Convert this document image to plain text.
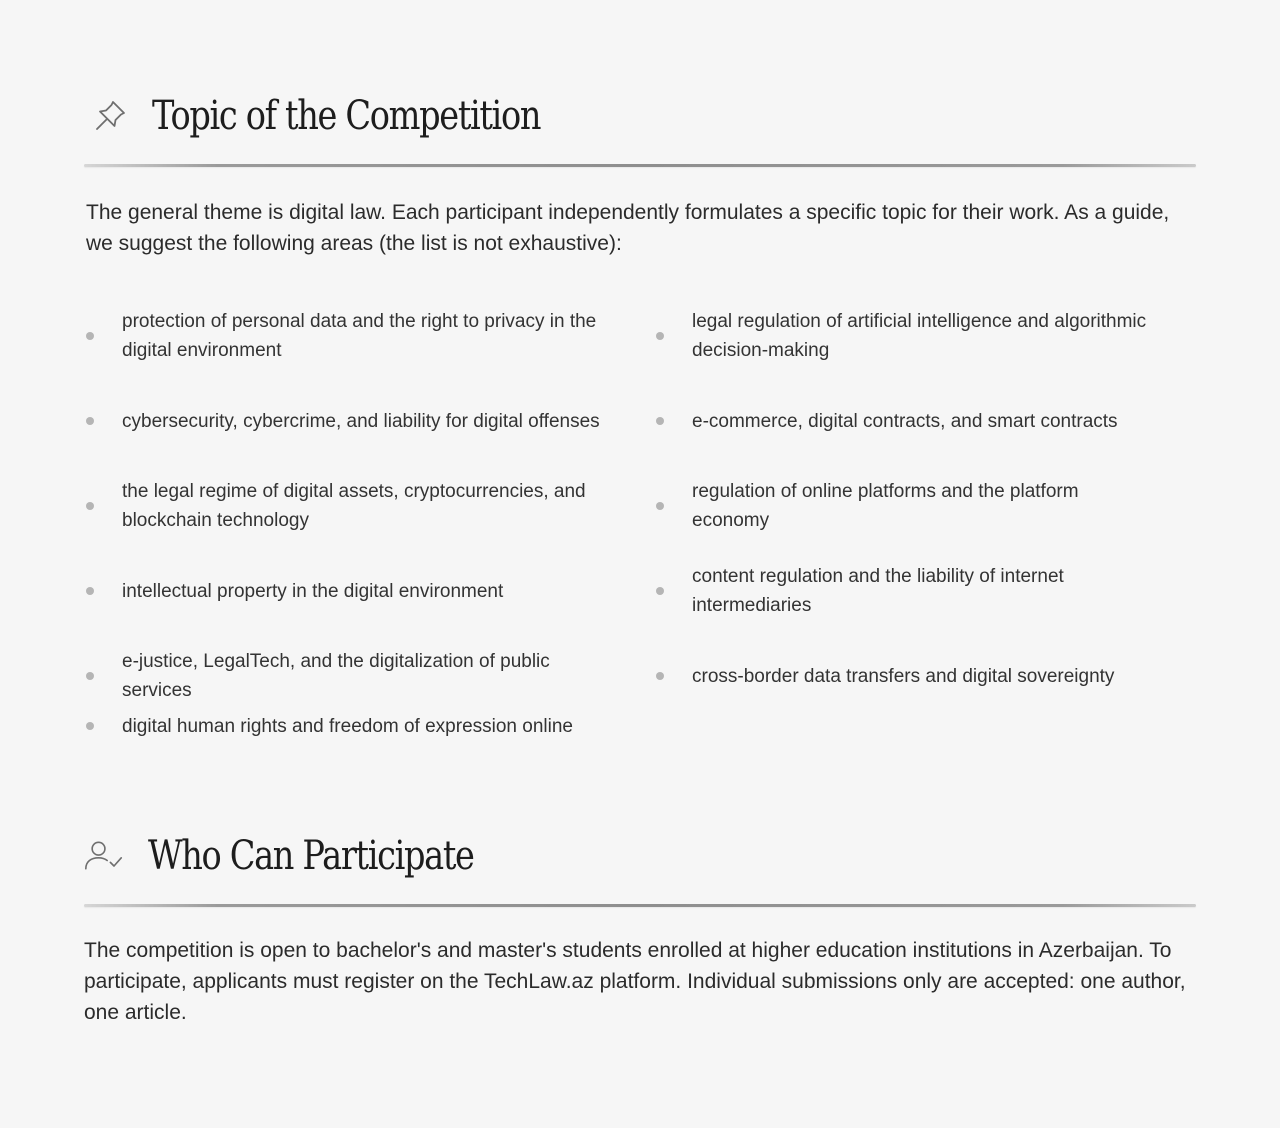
Topic of the Competition

The general theme is digital law. Each participant independently formulates a specific topic for their work. As a guide, we suggest the following areas (the list is not exhaustive):

protection of personal data and the right to privacy in the digital environment
legal regulation of artificial intelligence and algorithmic decision-making
cybersecurity, cybercrime, and liability for digital offenses	e-commerce, digital contracts, and smart contracts
the legal regime of digital assets, cryptocurrencies, and blockchain technology
regulation of online platforms and the platform economy
intellectual property in the digital environment
content regulation and the liability of internet intermediaries
e-justice, LegalTech, and the digitalization of public services
cross-border data transfers and digital sovereignty
digital human rights and freedom of expression online
Who Can Participate

The competition is open to bachelor's and master's students enrolled at higher education institutions in Azerbaijan. To participate, applicants must register on the TechLaw.az platform. Individual submissions only are accepted: one author, one article.
